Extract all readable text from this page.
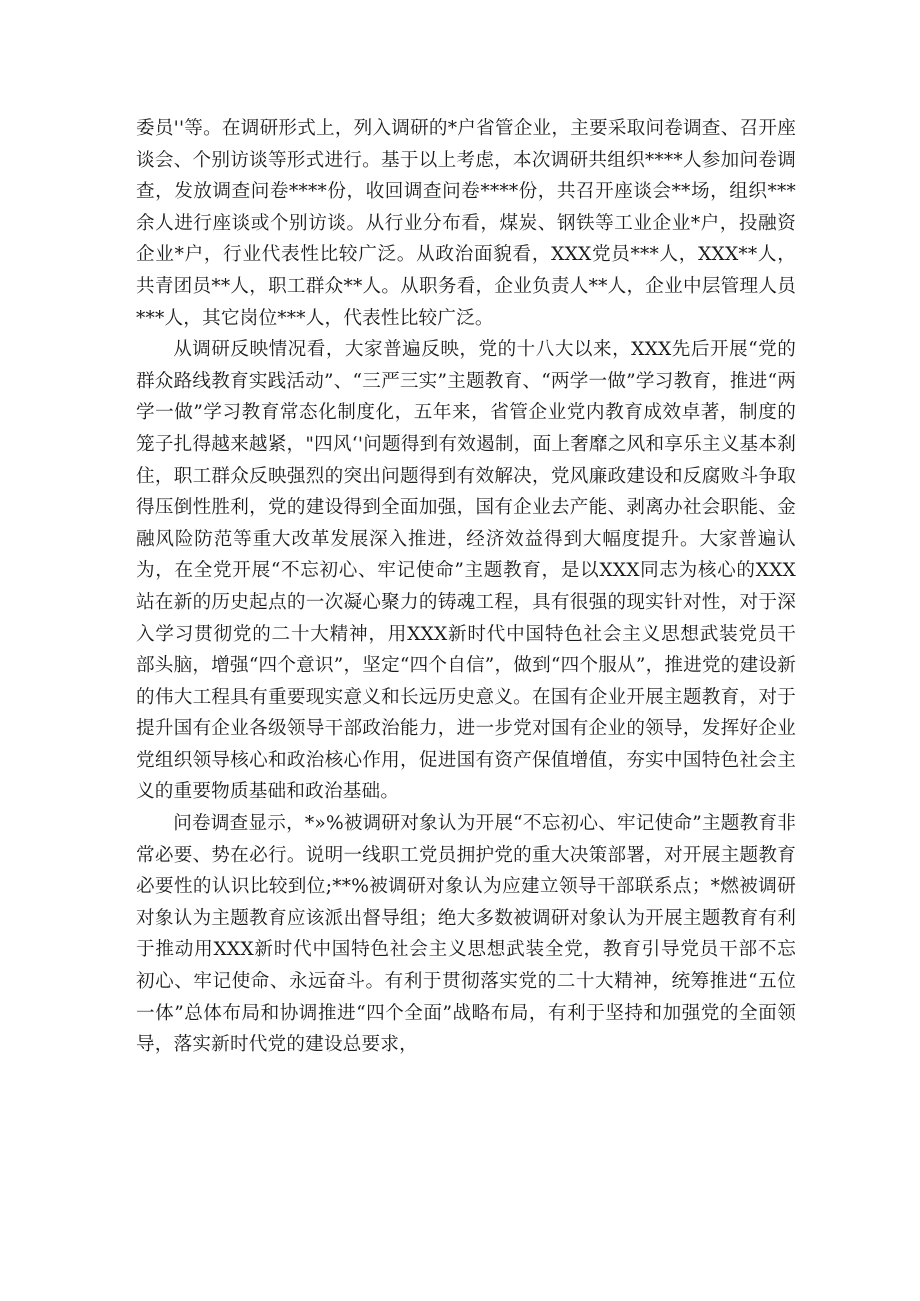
委员''等。在调研形式上，列入调研的*户省管企业，主要采取问卷调查、召开座谈会、个别访谈等形式进行。基于以上考虑，本次调研共组织****人参加问卷调查，发放调查问卷****份，收回调查问卷****份，共召开座谈会**场，组织***余人进行座谈或个别访谈。从行业分布看，煤炭、钢铁等工业企业*户，投融资企业*户，行业代表性比较广泛。从政治面貌看，XXX党员***人，XXX**人，共青团员**人，职工群众**人。从职务看，企业负责人**人，企业中层管理人员***人，其它岗位***人，代表性比较广泛。

从调研反映情况看，大家普遍反映，党的十八大以来，XXX先后开展“党的群众路线教育实践活动”、“三严三实”主题教育、“两学一做”学习教育，推进“两学一做”学习教育常态化制度化，五年来，省管企业党内教育成效卓著，制度的笼子扎得越来越紧，"四风‘'问题得到有效遏制，面上奢靡之风和享乐主义基本刹住，职工群众反映强烈的突出问题得到有效解决，党风廉政建设和反腐败斗争取得压倒性胜利，党的建设得到全面加强，国有企业去产能、剥离办社会职能、金融风险防范等重大改革发展深入推进，经济效益得到大幅度提升。大家普遍认为，在全党开展“不忘初心、牢记使命”主题教育，是以XXX同志为核心的XXX站在新的历史起点的一次凝心聚力的铸魂工程，具有很强的现实针对性，对于深入学习贯彻党的二十大精神，用XXX新时代中国特色社会主义思想武装党员干部头脑，增强“四个意识”，坚定“四个自信”，做到“四个服从”，推进党的建设新的伟大工程具有重要现实意义和长远历史意义。在国有企业开展主题教育，对于提升国有企业各级领导干部政治能力，进一步党对国有企业的领导，发挥好企业党组织领导核心和政治核心作用，促进国有资产保值增值，夯实中国特色社会主义的重要物质基础和政治基础。

问卷调查显示，*»%被调研对象认为开展“不忘初心、牢记使命”主题教育非常必要、势在必行。说明一线职工党员拥护党的重大决策部署，对开展主题教育必要性的认识比较到位;**%被调研对象认为应建立领导干部联系点；*燃被调研对象认为主题教育应该派出督导组；绝大多数被调研对象认为开展主题教育有利于推动用XXX新时代中国特色社会主义思想武装全党，教育引导党员干部不忘初心、牢记使命、永远奋斗。有利于贯彻落实党的二十大精神，统筹推进“五位一体”总体布局和协调推进“四个全面”战略布局，有利于坚持和加强党的全面领导，落实新时代党的建设总要求，
